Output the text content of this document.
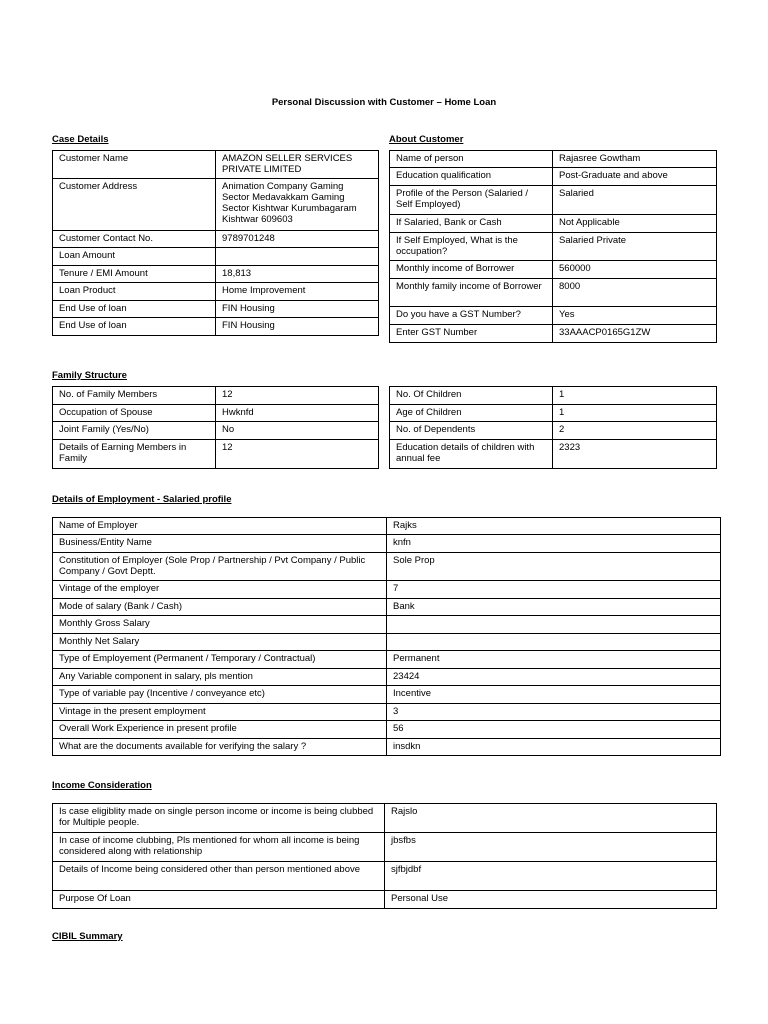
Personal Discussion with Customer – Home Loan
Case Details
Customer Name	AMAZON SELLER SERVICES PRIVATE LIMITED
Customer Address	Animation Company Gaming Sector Medavakkam Gaming Sector Kishtwar Kurumbagaram Kishtwar 609603
Customer Contact No.	9789701248
Loan Amount	
Tenure / EMI Amount	18,813
Loan Product	Home Improvement
End Use of loan	FIN Housing
End Use of loan	FIN Housing
About Customer
Name of person	Rajasree Gowtham
Education qualification	Post-Graduate and above
Profile of the Person (Salaried / Self Employed)	Salaried
If Salaried, Bank or Cash	Not Applicable
If Self Employed, What is the occupation?	Salaried Private
Monthly income of Borrower	560000
Monthly family income of Borrower	8000
Do you have a GST Number?	Yes
Enter GST Number	33AAACP0165G1ZW
Family Structure
No. of Family Members	12
Occupation of Spouse	Hwknfd
Joint Family (Yes/No)	No
Details of Earning Members in Family	12
No. Of Children	1
Age of Children	1
No. of Dependents	2
Education details of children with annual fee	2323
Details of Employment - Salaried profile
Name of Employer	Rajks
Business/Entity Name	knfn
Constitution of Employer (Sole Prop / Partnership / Pvt Company / Public Company / Govt Deptt.	Sole Prop
Vintage of the employer	7
Mode of salary (Bank / Cash)	Bank
Monthly Gross Salary	
Monthly Net Salary	
Type of Employement (Permanent / Temporary / Contractual)	Permanent
Any Variable component in salary, pls mention	23424
Type of variable pay (Incentive / conveyance etc)	Incentive
Vintage in the present employment	3
Overall Work Experience in present profile	56
What are the documents available for verifying the salary ?	insdkn
Income Consideration
Is case eligiblity made on single person income or income is being clubbed for Multiple people.	Rajslo
In case of income clubbing, Pls mentioned for whom all income is being considered along with relationship	jbsfbs
Details of Income being considered other than person mentioned above	sjfbjdbf
Purpose Of Loan	Personal Use
CIBIL Summary
